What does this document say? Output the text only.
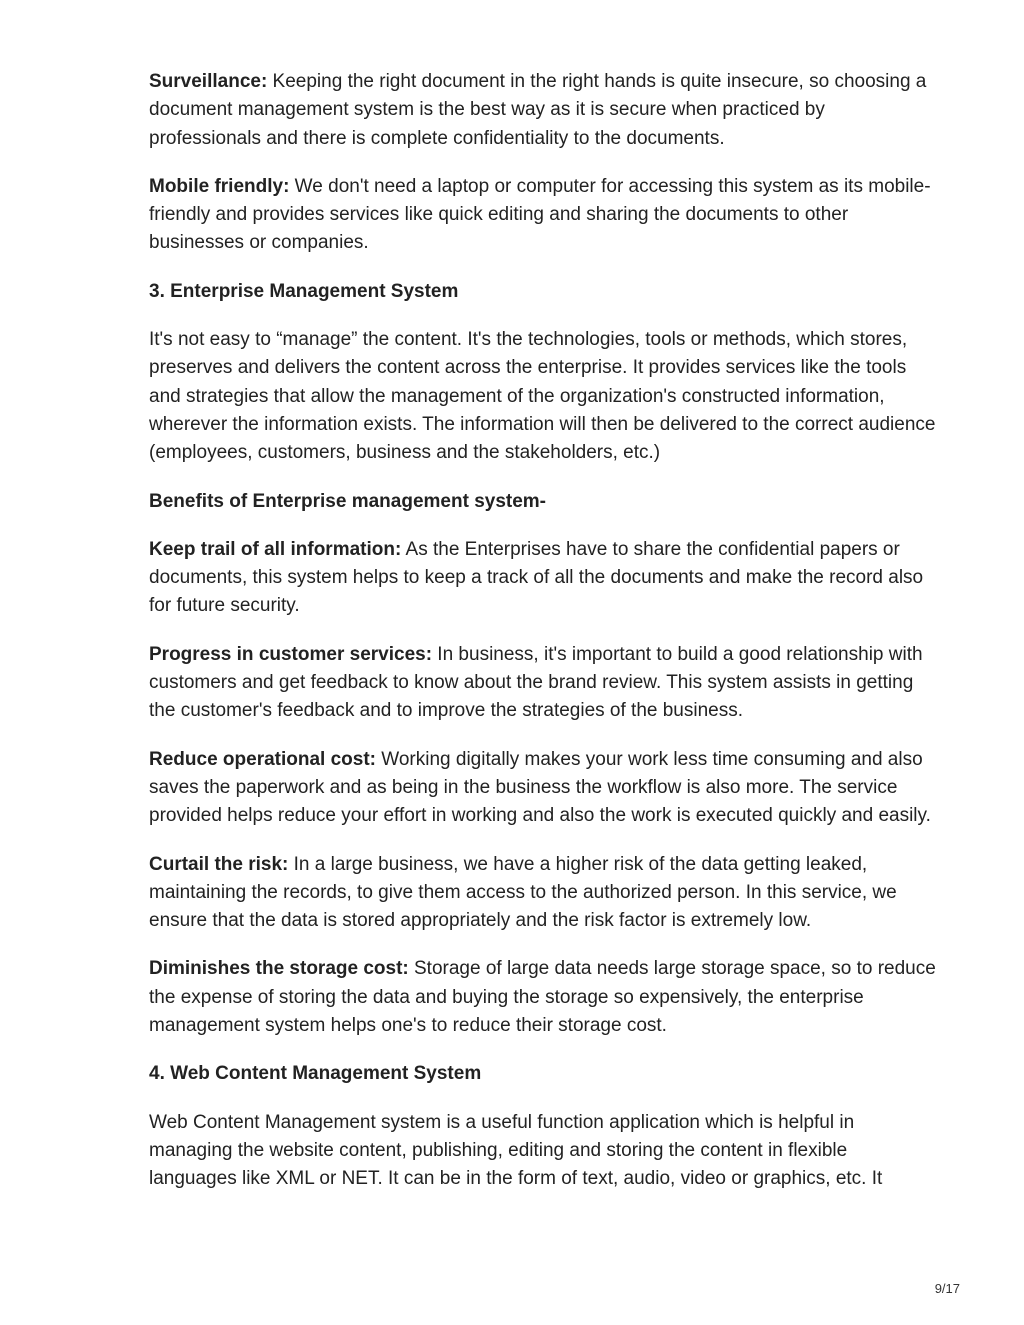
Surveillance: Keeping the right document in the right hands is quite insecure, so choosing a document management system is the best way as it is secure when practiced by professionals and there is complete confidentiality to the documents.

Mobile friendly: We don't need a laptop or computer for accessing this system as its mobile-friendly and provides services like quick editing and sharing the documents to other businesses or companies.

3. Enterprise Management System

It's not easy to “manage” the content. It's the technologies, tools or methods, which stores, preserves and delivers the content across the enterprise. It provides services like the tools and strategies that allow the management of the organization's constructed information, wherever the information exists. The information will then be delivered to the correct audience (employees, customers, business and the stakeholders, etc.)

Benefits of Enterprise management system-

Keep trail of all information: As the Enterprises have to share the confidential papers or documents, this system helps to keep a track of all the documents and make the record also for future security.

Progress in customer services: In business, it's important to build a good relationship with customers and get feedback to know about the brand review. This system assists in getting the customer's feedback and to improve the strategies of the business.

Reduce operational cost: Working digitally makes your work less time consuming and also saves the paperwork and as being in the business the workflow is also more. The service provided helps reduce your effort in working and also the work is executed quickly and easily.

Curtail the risk: In a large business, we have a higher risk of the data getting leaked, maintaining the records, to give them access to the authorized person. In this service, we ensure that the data is stored appropriately and the risk factor is extremely low.

Diminishes the storage cost: Storage of large data needs large storage space, so to reduce the expense of storing the data and buying the storage so expensively, the enterprise management system helps one's to reduce their storage cost.

4. Web Content Management System

Web Content Management system is a useful function application which is helpful in managing the website content, publishing, editing and storing the content in flexible languages like XML or NET. It can be in the form of text, audio, video or graphics, etc. It

9/17
